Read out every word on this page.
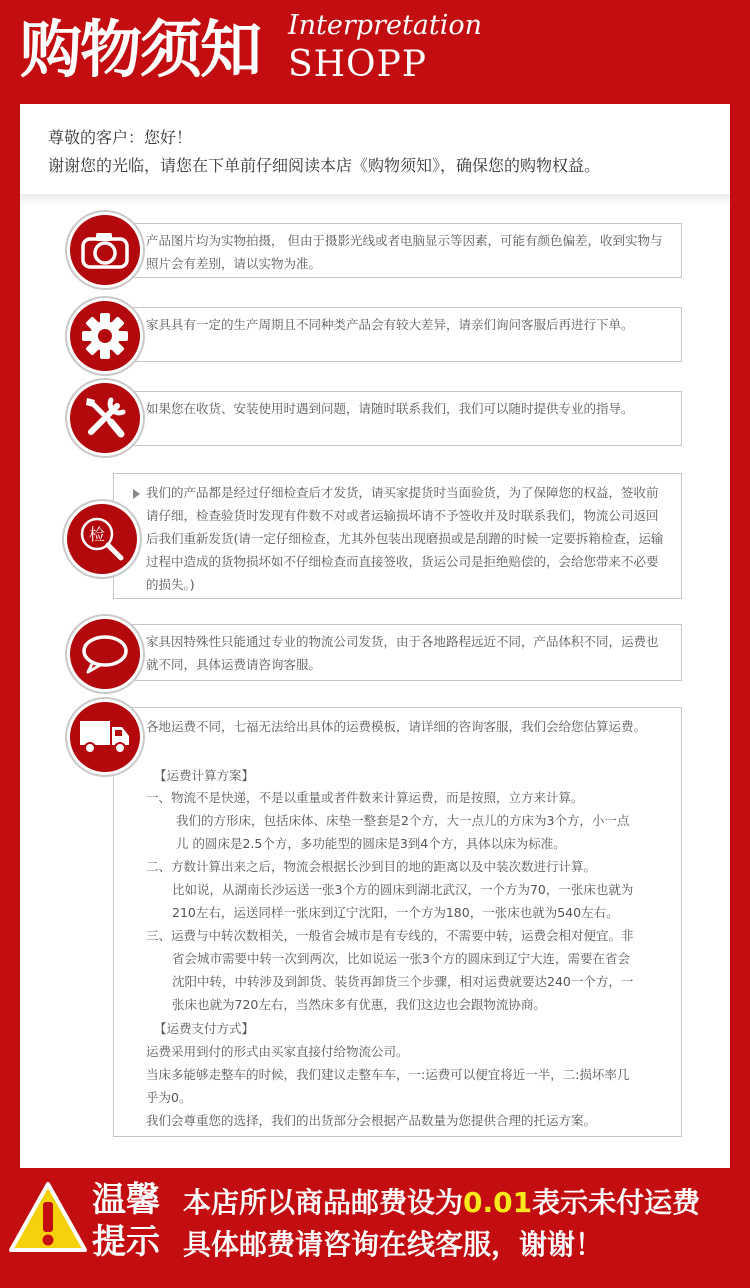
购物须知 Interpretation
SHOPP
尊敬的客户：您好！
谢谢您的光临，请您在下单前仔细阅读本店《购物须知》，确保您的购物权益。

产品图片均为实物拍摄， 但由于摄影光线或者电脑显示等因素，可能有颜色偏差，收到实物与照片会有差别，请以实物为准。

家具具有一定的生产周期且不同种类产品会有较大差异，请亲们询问客服后再进行下单。

如果您在收货、安装使用时遇到问题，请随时联系我们，我们可以随时提供专业的指导。

我们的产品都是经过仔细检查后才发货，请买家提货时当面验货，为了保障您的权益，签收前请仔细，检查验货时发现有件数不对或者运输损坏请不予签收并及时联系我们，物流公司返回后我们重新发货(请一定仔细检查，尤其外包装出现磨损或是刮蹭的时候一定要拆箱检查，运输过程中造成的货物损坏如不仔细检查而直接签收，货运公司是拒绝赔偿的，会给您带来不必要的损失。)

检

家具因特殊性只能通过专业的物流公司发货，由于各地路程远近不同，产品体积不同，运费也就不同，具体运费请咨询客服。

各地运费不同，七福无法给出具体的运费模板，请详细的咨询客服，我们会给您估算运费。

【运费计算方案】
一、物流不是快递，不是以重量或者件数来计算运费，而是按照，立方来计算。
我们的方形床，包括床体、床垫一整套是2个方，大一点儿的方床为3个方，小一点
儿 的圆床是2.5个方，多功能型的圆床是3到4个方，具体以床为标准。
二、方数计算出来之后，物流会根据长沙到目的地的距离以及中装次数进行计算。
比如说，从湖南长沙运送一张3个方的圆床到湖北武汉，一个方为70，一张床也就为
210左右，运送同样一张床到辽宁沈阳，一个方为180，一张床也就为540左右。
三、运费与中转次数相关，一般省会城市是有专线的，不需要中转，运费会相对便宜。非
省会城市需要中转一次到两次，比如说运一张3个方的圆床到辽宁大连，需要在省会
沈阳中转，中转涉及到卸货、装货再卸货三个步骤，相对运费就要达240一个方，一
张床也就为720左右，当然床多有优惠，我们这边也会跟物流协商。
【运费支付方式】
运费采用到付的形式由买家直接付给物流公司。
当床多能够走整车的时候，我们建议走整车车，一:运费可以便宜将近一半，二:损坏率几
乎为0。
我们会尊重您的选择，我们的出货部分会根据产品数量为您提供合理的托运方案。
温馨
提示
本店所以商品邮费设为0.01表示未付运费
具体邮费请咨询在线客服，谢谢！
